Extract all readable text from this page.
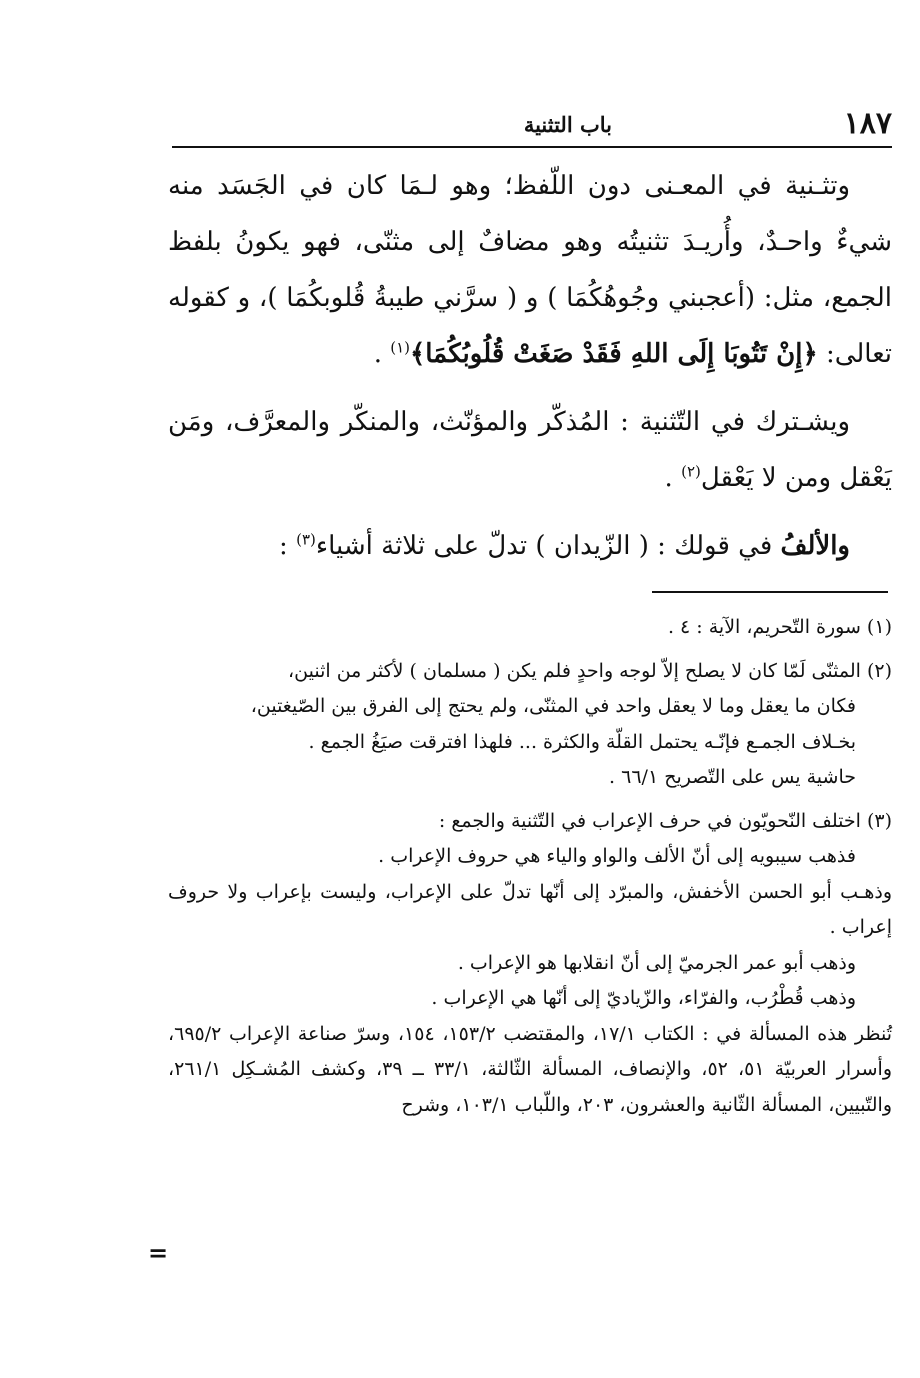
١٨٧
باب التثنية

وتثـنية في المعـنى دون اللّفظ؛ وهو لـمَا كان في الجَسَد منه شيءٌ واحـدٌ، وأُريـدَ تثنيتُه وهو مضافٌ إلى مثنّى، فهو يكونُ بلفظ الجمع، مثل: (أعجبني وجُوهُكُمَا ) و ( سرَّني طيبةُ قُلوبكُمَا )، و كقوله تعالى: ﴿إِنْ تَتُوبَا إِلَى اللهِ فَقَدْ صَغَتْ قُلُوبُكُمَا﴾$^{(١)}$ .

ويشـترك في التّثنية : المُذكّر والمؤنّث، والمنكّر والمعرَّف، ومَن يَعْقل ومن لا يَعْقل$^{(٢)}$ .

والألفُ في قولك : ( الزّيدان ) تدلّ على ثلاثة أشياء$^{(٣)}$ :

(١) سورة التّحريم، الآية : ٤ .

(٢) المثنّى لَمّا كان لا يصلح إلاّ لوجه واحدٍ فلم يكن ( مسلمان ) لأكثر من اثنين،

فكان ما يعقل وما لا يعقل واحد في المثنّى، ولم يحتج إلى الفرق بين الصّيغتين،

بخـلاف الجمـع فإنّـه يحتمل القلّة والكثرة ... فلهذا افترقت صيَغُ الجمع .

حاشية يس على التّصريح ٦٦/١ .

(٣) اختلف النّحويّون في حرف الإعراب في التّثنية والجمع :

فذهب سيبويه إلى أنّ الألف والواو والياء هي حروف الإعراب .

وذهـب أبو الحسن الأخفش، والمبرّد إلى أنّها تدلّ على الإعراب، وليست بإعراب ولا حروف إعراب .

وذهب أبو عمر الجرميّ إلى أنّ انقلابها هو الإعراب .

وذهب قُطْرُب، والفرّاء، والزّياديّ إلى أنّها هي الإعراب .

تُنظر هذه المسألة في : الكتاب ١٧/١، والمقتضب ١٥٣/٢، ١٥٤، وسرّ صناعة الإعراب ٦٩٥/٢، وأسرار العربيّة ٥١، ٥٢، والإنصاف، المسألة الثّالثة، ٣٣/١ ــ ٣٩، وكشف المُشـكِل ٢٦١/١، والتّبيين، المسألة الثّانية والعشرون، ٢٠٣، واللّباب ١٠٣/١، وشرح

=
